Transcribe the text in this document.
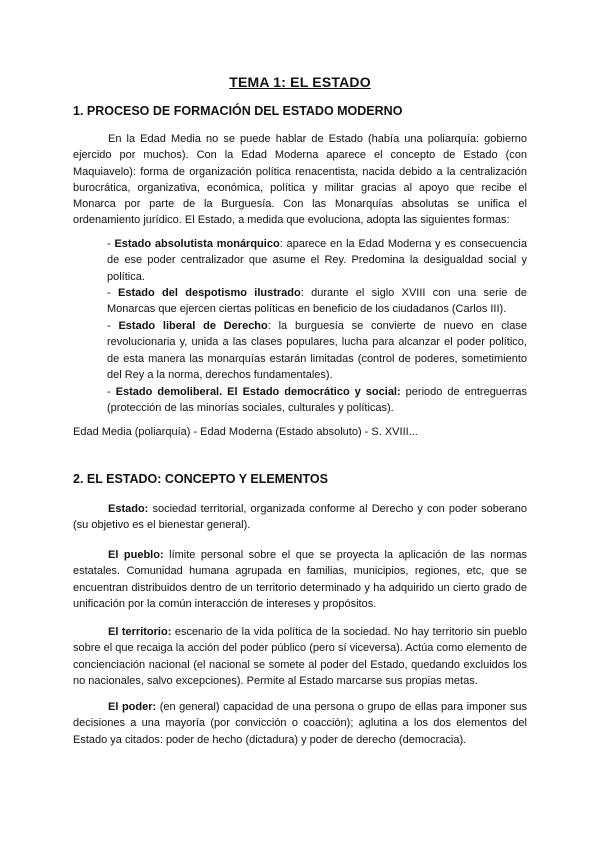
TEMA 1: EL ESTADO
1. PROCESO DE FORMACIÓN DEL ESTADO MODERNO
En la Edad Media no se puede hablar de Estado (había una poliarquía: gobierno ejercido por muchos). Con la Edad Moderna aparece el concepto de Estado (con Maquiavelo): forma de organización política renacentista, nacida debido a la centralización burocrática, organizativa, económica, política y militar gracias al apoyo que recibe el Monarca por parte de la Burguesía. Con las Monarquías absolutas se unifica el ordenamiento jurídico. El Estado, a medida que evoluciona, adopta las siguientes formas:
- Estado absolutista monárquico: aparece en la Edad Moderna y es consecuencia de ese poder centralizador que asume el Rey. Predomina la desigualdad social y política.
- Estado del despotismo ilustrado: durante el siglo XVIII con una serie de Monarcas que ejercen ciertas políticas en beneficio de los ciudadanos (Carlos III).
- Estado liberal de Derecho: la burguesía se convierte de nuevo en clase revolucionaria y, unida a las clases populares, lucha para alcanzar el poder político, de esta manera las monarquías estarán limitadas (control de poderes, sometimiento del Rey a la norma, derechos fundamentales).
- Estado demoliberal. El Estado democrático y social: periodo de entreguerras (protección de las minorías sociales, culturales y políticas).
Edad Media (poliarquía) - Edad Moderna (Estado absoluto) - S. XVIII...
2. EL ESTADO: CONCEPTO Y ELEMENTOS
Estado: sociedad territorial, organizada conforme al Derecho y con poder soberano (su objetivo es el bienestar general).
El pueblo: límite personal sobre el que se proyecta la aplicación de las normas estatales. Comunidad humana agrupada en familias, municipios, regiones, etc, que se encuentran distribuidos dentro de un territorio determinado y ha adquirido un cierto grado de unificación por la común interacción de intereses y propósitos.
El territorio: escenario de la vida política de la sociedad. No hay territorio sin pueblo sobre el que recaiga la acción del poder público (pero sí viceversa). Actúa como elemento de concienciación nacional (el nacional se somete al poder del Estado, quedando excluidos los no nacionales, salvo excepciones). Permite al Estado marcarse sus propias metas.
El poder: (en general) capacidad de una persona o grupo de ellas para imponer sus decisiones a una mayoría (por convicción o coacción); aglutina a los dos elementos del Estado ya citados: poder de hecho (dictadura) y poder de derecho (democracia).
